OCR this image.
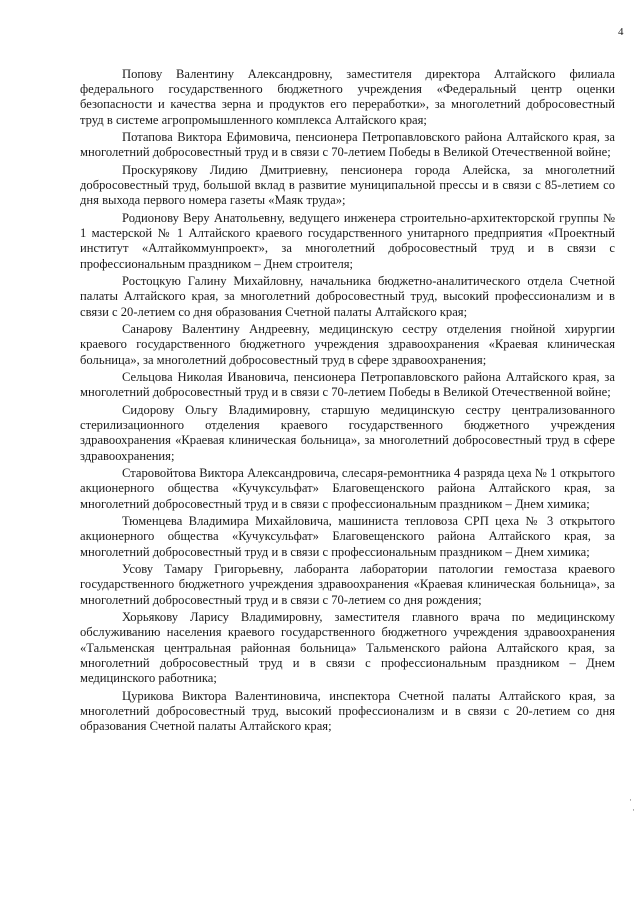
4

Попову Валентину Александровну, заместителя директора Алтайского филиала федерального государственного бюджетного учреждения «Федеральный центр оценки безопасности и качества зерна и продуктов его переработки», за многолетний добросовестный труд в системе агропромышленного комплекса Алтайского края;

Потапова Виктора Ефимовича, пенсионера Петропавловского района Алтайского края, за многолетний добросовестный труд и в связи с 70-летием Победы в Великой Отечественной войне;

Проскурякову Лидию Дмитриевну, пенсионера города Алейска, за многолетний добросовестный труд, большой вклад в развитие муниципальной прессы и в связи с 85-летием со дня выхода первого номера газеты «Маяк труда»;

Родионову Веру Анатольевну, ведущего инженера строительно-архитекторской группы № 1 мастерской № 1 Алтайского краевого государственного унитарного предприятия «Проектный институт «Алтайкоммунпроект», за многолетний добросовестный труд и в связи с профессиональным праздником – Днем строителя;

Ростоцкую Галину Михайловну, начальника бюджетно-аналитического отдела Счетной палаты Алтайского края, за многолетний добросовестный труд, высокий профессионализм и в связи с 20-летием со дня образования Счетной палаты Алтайского края;

Санарову Валентину Андреевну, медицинскую сестру отделения гнойной хирургии краевого государственного бюджетного учреждения здравоохранения «Краевая клиническая больница», за многолетний добросовестный труд в сфере здравоохранения;

Сельцова Николая Ивановича, пенсионера Петропавловского района Алтайского края, за многолетний добросовестный труд и в связи с 70-летием Победы в Великой Отечественной войне;

Сидорову Ольгу Владимировну, старшую медицинскую сестру централизованного стерилизационного отделения краевого государственного бюджетного учреждения здравоохранения «Краевая клиническая больница», за многолетний добросовестный труд в сфере здравоохранения;

Старовойтова Виктора Александровича, слесаря-ремонтника 4 разряда цеха № 1 открытого акционерного общества «Кучуксульфат» Благовещенского района Алтайского края, за многолетний добросовестный труд и в связи с профессиональным праздником – Днем химика;

Тюменцева Владимира Михайловича, машиниста тепловоза СРП цеха № 3 открытого акционерного общества «Кучуксульфат» Благовещенского района Алтайского края, за многолетний добросовестный труд и в связи с профессиональным праздником – Днем химика;

Усову Тамару Григорьевну, лаборанта лаборатории патологии гемостаза краевого государственного бюджетного учреждения здравоохранения «Краевая клиническая больница», за многолетний добросовестный труд и в связи с 70-летием со дня рождения;

Хорьякову Ларису Владимировну, заместителя главного врача по медицинскому обслуживанию населения краевого государственного бюджетного учреждения здравоохранения «Тальменская центральная районная больница» Тальменского района Алтайского края, за многолетний добросовестный труд и в связи с профессиональным праздником – Днем медицинского работника;

Цурикова Виктора Валентиновича, инспектора Счетной палаты Алтайского края, за многолетний добросовестный труд, высокий профессионализм и в связи с 20-летием со дня образования Счетной палаты Алтайского края;

·
·
